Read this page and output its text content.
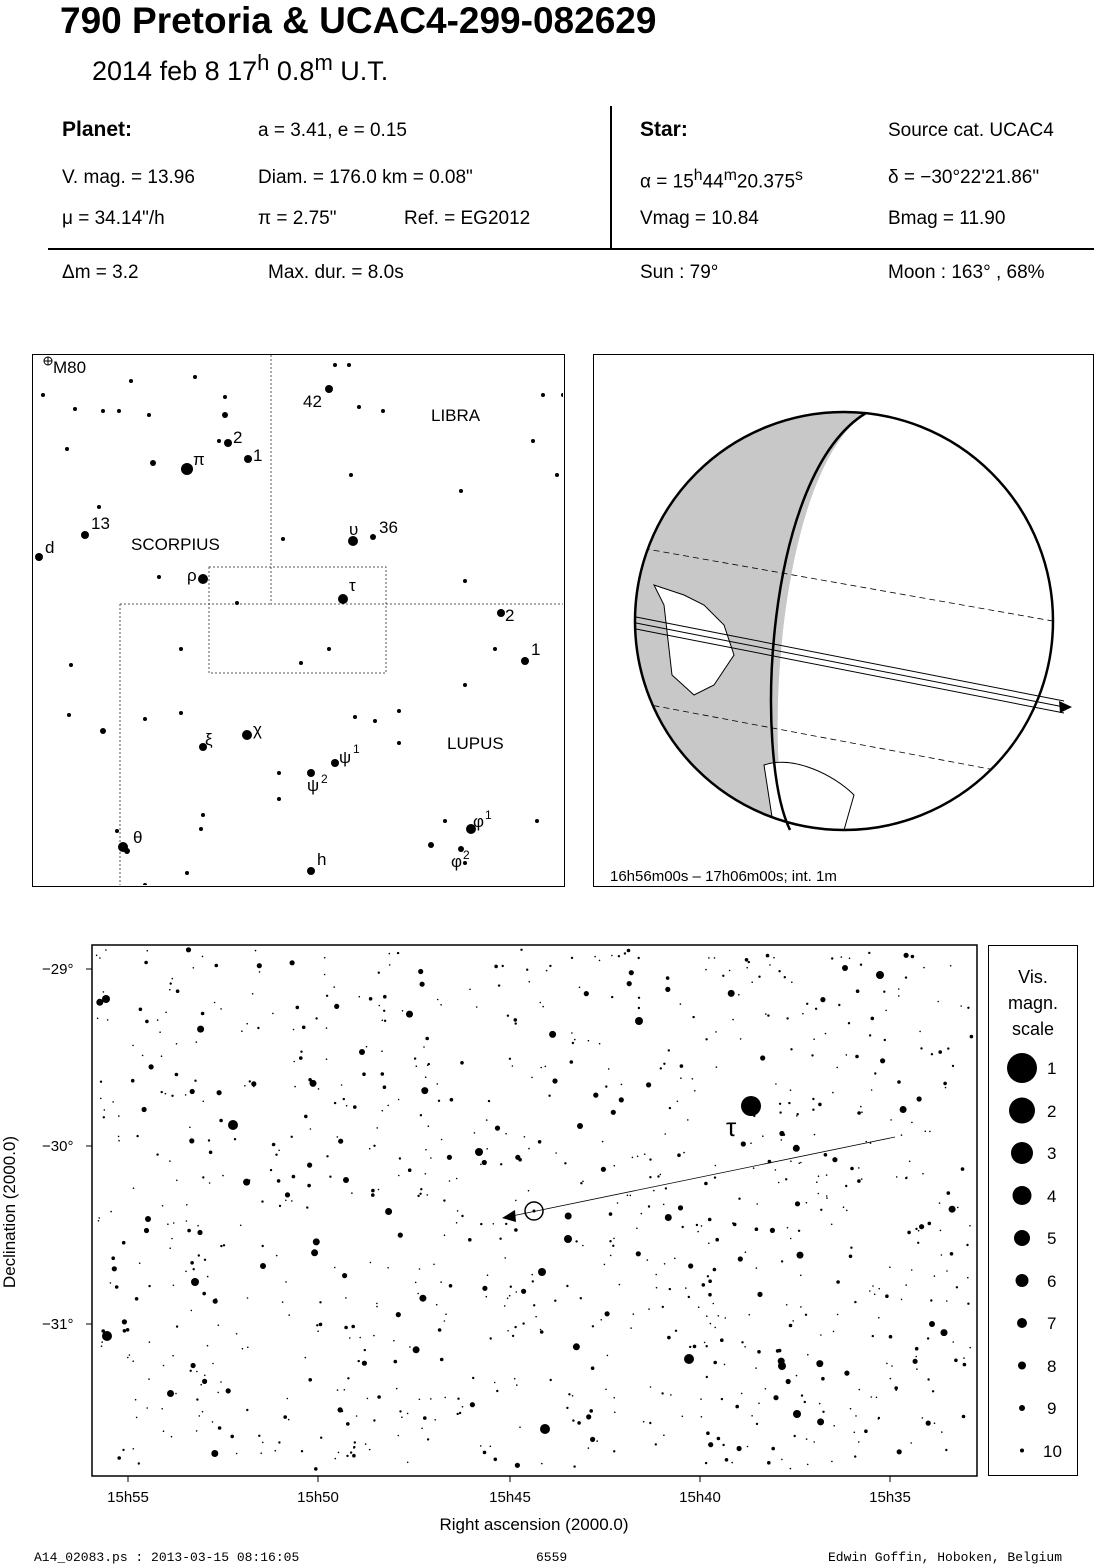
790 Pretoria & UCAC4-299-082629
2014 feb 8 17$^h$ 0.8$^m$ U.T.
Planet:	a = 3.41, e = 0.15
V. mag. = 13.96	Diam. = 176.0 km = 0.08"
μ = 34.14"/h	π = 2.75"	Ref. = EG2012
Star:	Source cat. UCAC4
$\alpha = 15^h44^m20.375^s$	δ = −30°22'21.86"
Vmag = 10.84	Bmag = 11.90
Δm = 3.2	Max. dur. = 8.0s	Sun : 79°	Moon : 163° , 68%
M80
LIBRA
SCORPIUS
LUPUS
42
2
1
π
13
d
υ 36
ρ
τ
2
1
χ
ξ
ψ 1
ψ 2
θ
φ 1
φ 2
h
16h56m00s – 17h06m00s; int. 1m
−29°
−30°
−31°
Declination (2000.0)
15h55	15h50	15h45	15h40	15h35
Right ascension (2000.0)
τ
Vis.
magn.
scale
1
2
3
4
5
6
7
8
9
10
A14_02083.ps : 2013-03-15 08:16:05	6559	Edwin Goffin, Hoboken, Belgium
